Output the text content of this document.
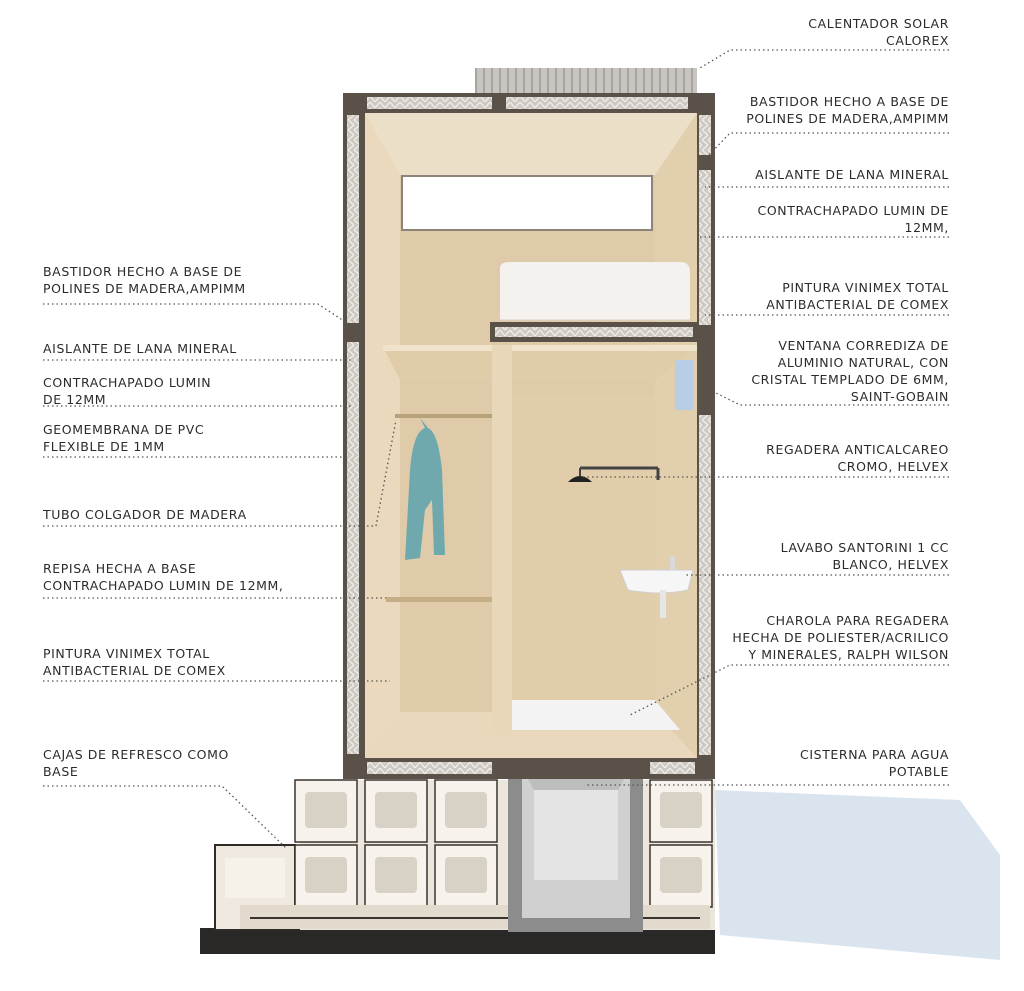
BASTIDOR HECHO A BASE DE
POLINES DE MADERA,AMPIMM
AISLANTE DE LANA MINERAL
CONTRACHAPADO LUMIN
DE 12MM
GEOMEMBRANA DE PVC
FLEXIBLE DE 1MM
TUBO COLGADOR DE MADERA
REPISA HECHA A BASE
CONTRACHAPADO LUMIN DE 12MM,
PINTURA VINIMEX TOTAL
ANTIBACTERIAL DE COMEX
CAJAS DE REFRESCO COMO
BASE
CALENTADOR SOLAR
CALOREX
BASTIDOR HECHO A BASE DE
POLINES DE MADERA,AMPIMM
AISLANTE DE LANA MINERAL
CONTRACHAPADO LUMIN DE
12MM,
PINTURA VINIMEX TOTAL
ANTIBACTERIAL DE COMEX
VENTANA CORREDIZA DE
ALUMINIO NATURAL, CON
CRISTAL TEMPLADO DE 6MM,
SAINT-GOBAIN
REGADERA ANTICALCAREO
CROMO, HELVEX
LAVABO SANTORINI 1 CC
BLANCO, HELVEX
CHAROLA PARA REGADERA
HECHA DE POLIESTER/ACRILICO
Y MINERALES, RALPH WILSON
CISTERNA PARA AGUA
POTABLE
